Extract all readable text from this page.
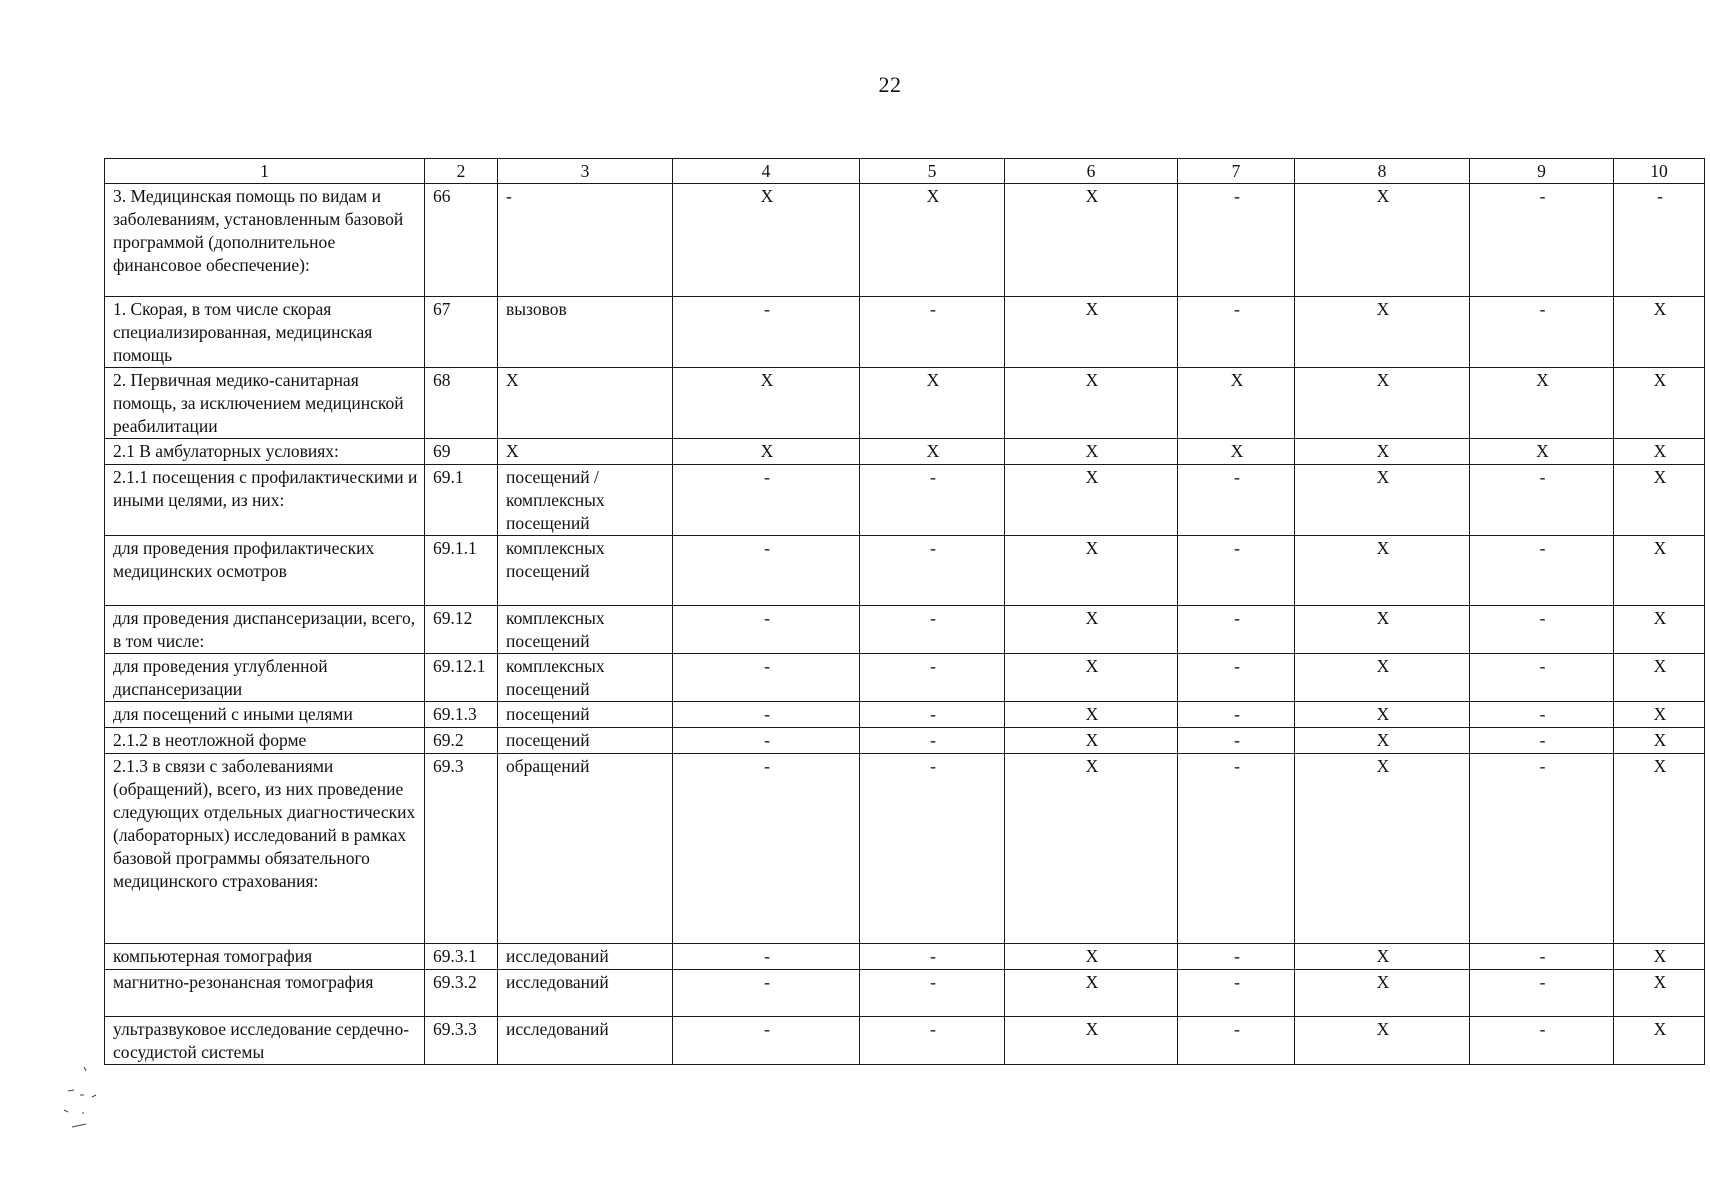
22
1	2	3	4	5	6	7	8	9	10
3. Медицинская помощь по видам и заболеваниям, установленным базовой программой (дополнительное финансовое обеспечение):	66	-	X	X	X	-	X	-	-
1. Скорая, в том числе скорая специализированная, медицинская помощь	67	вызовов	-	-	X	-	X	-	X
2. Первичная медико-санитарная помощь, за исключением медицинской реабилитации	68	X	X	X	X	X	X	X	X
2.1 В амбулаторных условиях:	69	X	X	X	X	X	X	X	X
2.1.1 посещения с профилактическими и иными целями, из них:	69.1	посещений / комплексных посещений	-	-	X	-	X	-	X
для проведения профилактических медицинских осмотров	69.1.1	комплексных посещений	-	-	X	-	X	-	X
для проведения диспансеризации, всего, в том числе:	69.12	комплексных посещений	-	-	X	-	X	-	X
для проведения углубленной диспансеризации	69.12.1	комплексных посещений	-	-	X	-	X	-	X
для посещений с иными целями	69.1.3	посещений	-	-	X	-	X	-	X
2.1.2 в неотложной форме	69.2	посещений	-	-	X	-	X	-	X
2.1.3 в связи с заболеваниями (обращений), всего, из них проведение следующих отдельных диагностических (лабораторных) исследований в рамках базовой программы обязательного медицинского страхования:	69.3	обращений	-	-	X	-	X	-	X
компьютерная томография	69.3.1	исследований	-	-	X	-	X	-	X
магнитно-резонансная томография	69.3.2	исследований	-	-	X	-	X	-	X
ультразвуковое исследование сердечно-сосудистой системы	69.3.3	исследований	-	-	X	-	X	-	X
